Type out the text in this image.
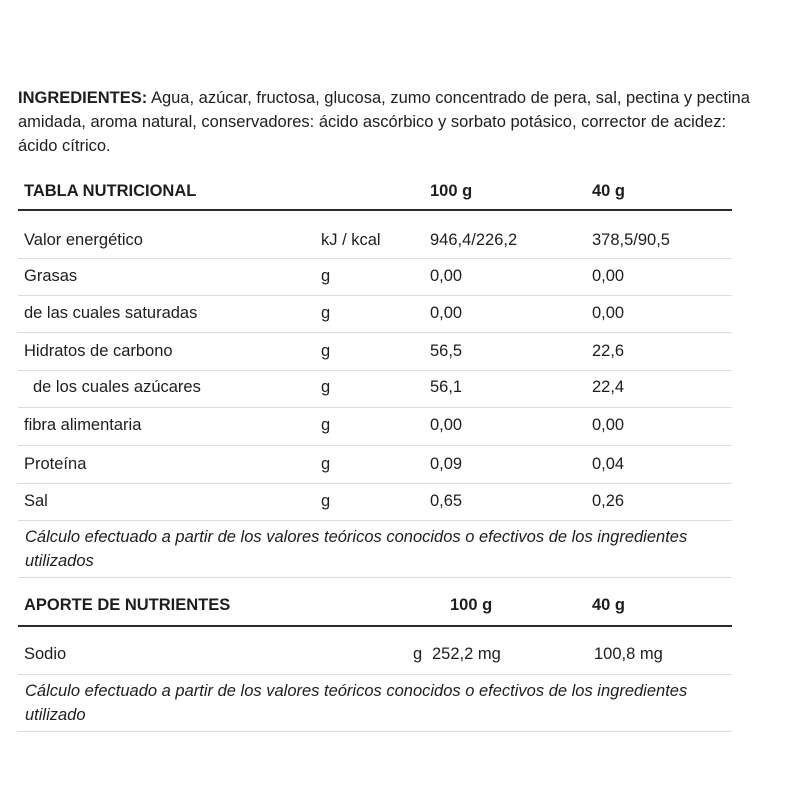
INGREDIENTES: Agua, azúcar, fructosa, glucosa, zumo concentrado de pera, sal, pectina y pectina amidada, aroma natural, conservadores: ácido ascórbico y sorbato potásico, corrector de acidez: ácido cítrico.

TABLA NUTRICIONAL	100 g	40 g
Valor energético	kJ / kcal	946,4/226,2	378,5/90,5
Grasas	g	0,00	0,00
de las cuales saturadas	g	0,00	0,00
Hidratos de carbono	g	56,5	22,6
de los cuales azúcares	g	56,1	22,4
fibra alimentaria	g	0,00	0,00
Proteína	g	0,09	0,04
Sal	g	0,65	0,26
Cálculo efectuado a partir de los valores teóricos conocidos o efectivos de los ingredientes utilizados
APORTE DE NUTRIENTES	100 g	40 g
Sodio	g 252,2 mg	100,8 mg
Cálculo efectuado a partir de los valores teóricos conocidos o efectivos de los ingredientes utilizado
